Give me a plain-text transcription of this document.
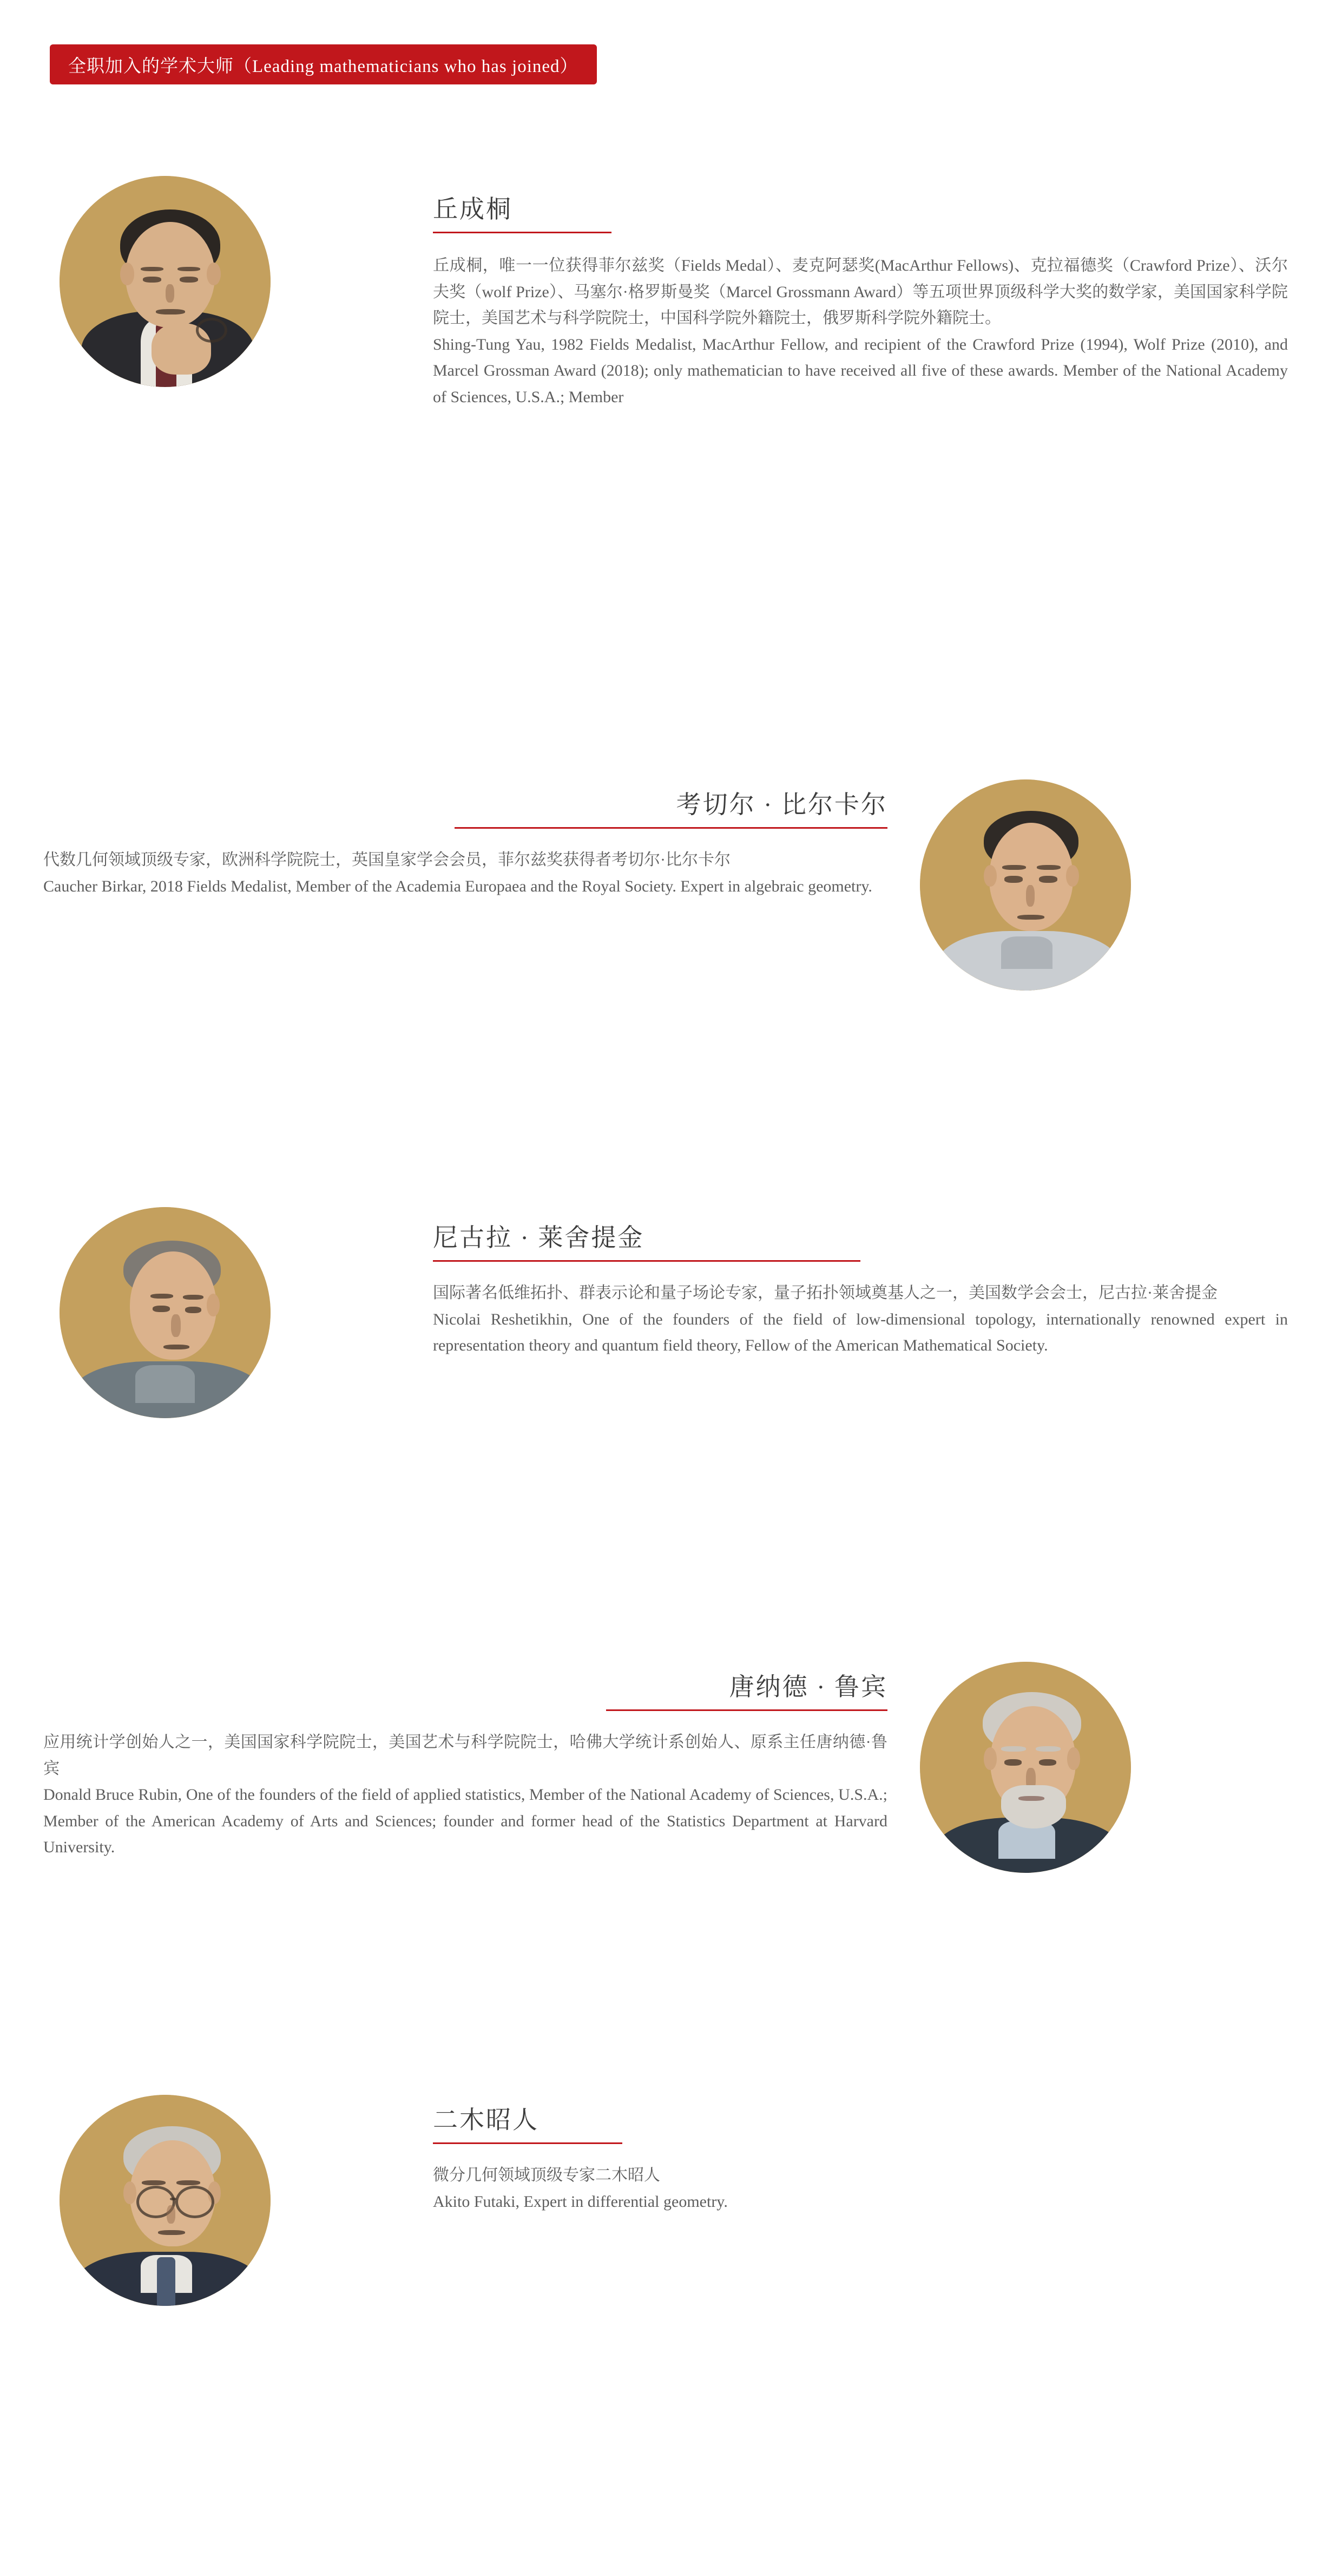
全职加入的学术大师（Leading mathematicians who has joined）
丘成桐
丘成桐，唯一一位获得菲尔兹奖（Fields Medal）、麦克阿瑟奖(MacArthur Fellows)、克拉福德奖（Crawford Prize）、沃尔夫奖（wolf Prize）、马塞尔·格罗斯曼奖（Marcel Grossmann Award）等五项世界顶级科学大奖的数学家，美国国家科学院院士，美国艺术与科学院院士，中国科学院外籍院士，俄罗斯科学院外籍院士。
Shing-Tung Yau, 1982 Fields Medalist, MacArthur Fellow, and recipient of the Crawford Prize (1994), Wolf Prize (2010), and Marcel Grossman Award (2018); only mathematician to have received all five of these awards. Member of the National Academy of Sciences, U.S.A.; Member
考切尔 · 比尔卡尔
代数几何领域顶级专家，欧洲科学院院士，英国皇家学会会员，菲尔兹奖获得者考切尔·比尔卡尔
Caucher Birkar, 2018 Fields Medalist, Member of the Academia Europaea and the Royal Society. Expert in algebraic geometry.
尼古拉 · 莱舍提金
国际著名低维拓扑、群表示论和量子场论专家，量子拓扑领域奠基人之一，美国数学会会士，尼古拉·莱舍提金
Nicolai Reshetikhin, One of the founders of the field of low-dimensional topology, internationally renowned expert in representation theory and quantum field theory, Fellow of the American Mathematical Society.
唐纳德 · 鲁宾
应用统计学创始人之一，美国国家科学院院士，美国艺术与科学院院士，哈佛大学统计系创始人、原系主任唐纳德·鲁宾
Donald Bruce Rubin, One of the founders of the field of applied statistics, Member of the National Academy of Sciences, U.S.A.; Member of the American Academy of Arts and Sciences; founder and former head of the Statistics Department at Harvard University.
二木昭人
微分几何领域顶级专家二木昭人
Akito Futaki, Expert in differential geometry.
